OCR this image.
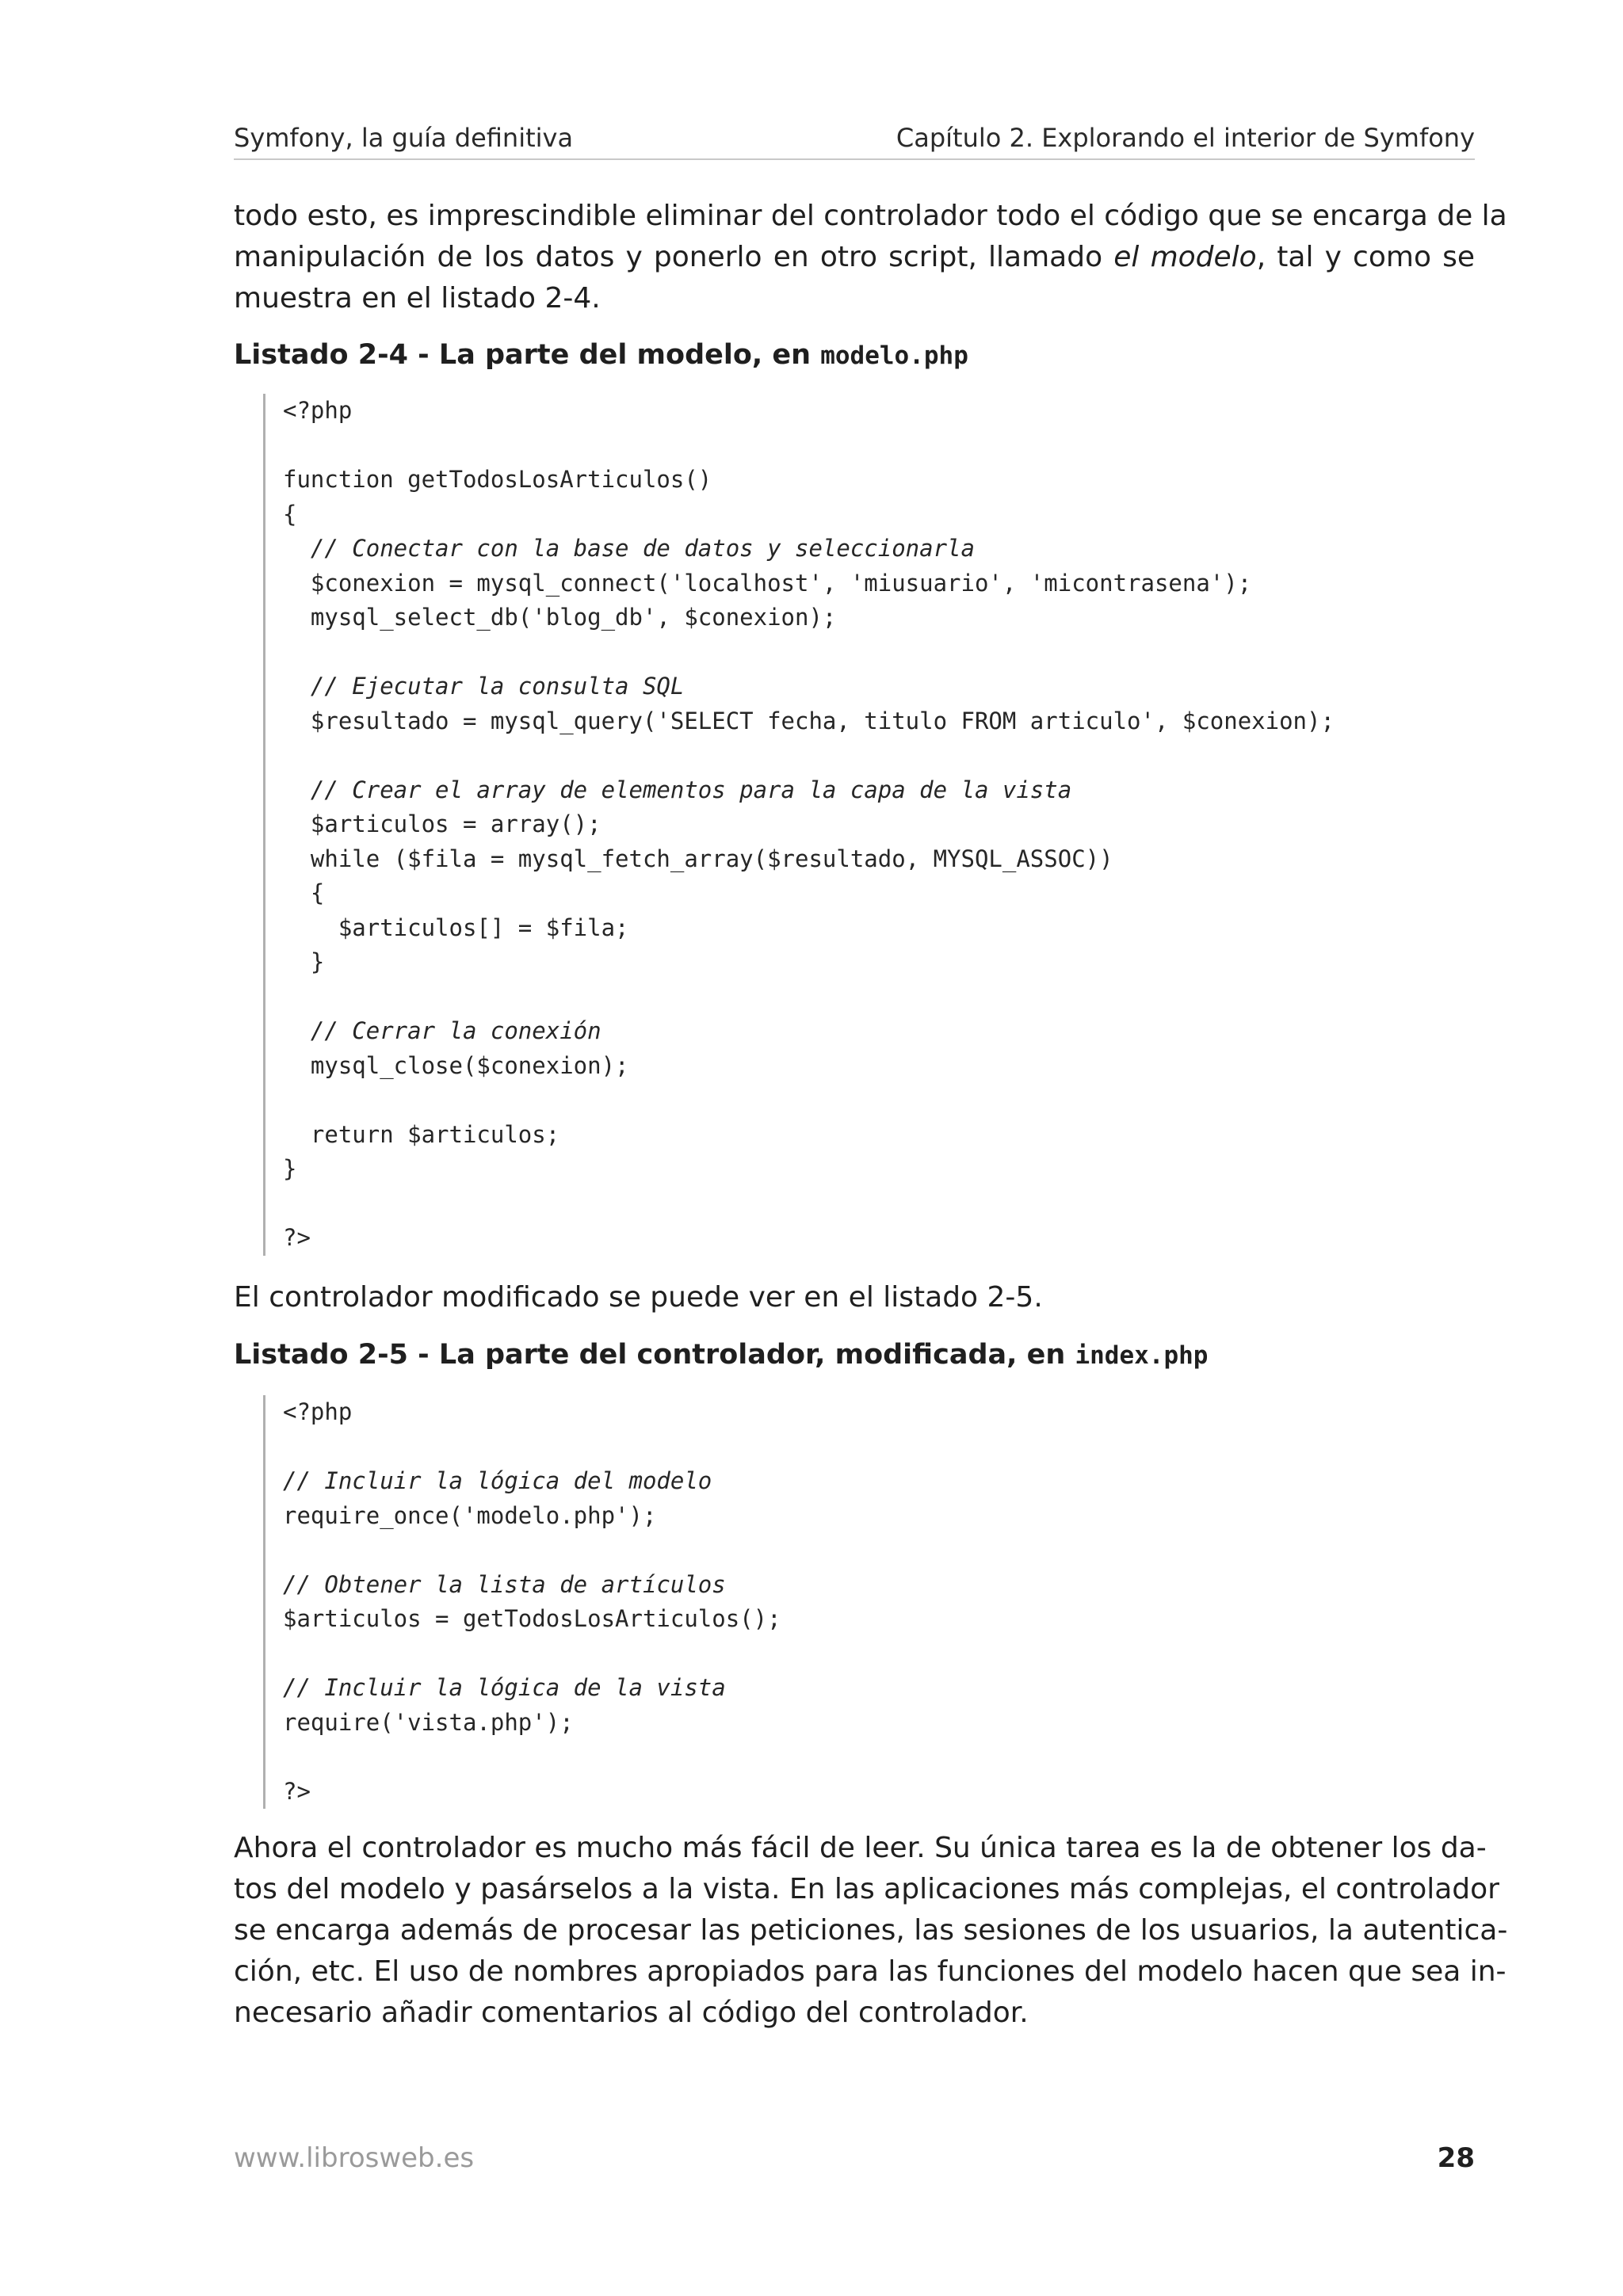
Symfony, la guía definitiva	Capítulo 2. Explorando el interior de Symfony
todo esto, es imprescindible eliminar del controlador todo el código que se encarga de la
manipulación de los datos y ponerlo en otro script, llamado el modelo, tal y como se
muestra en el listado 2-4.
Listado 2-4 - La parte del modelo, en modelo.php
<?php

function getTodosLosArticulos()
{
// Conectar con la base de datos y seleccionarla
$conexion = mysql_connect('localhost', 'miusuario', 'micontrasena');
mysql_select_db('blog_db', $conexion);

// Ejecutar la consulta SQL
$resultado = mysql_query('SELECT fecha, titulo FROM articulo', $conexion);

// Crear el array de elementos para la capa de la vista
$articulos = array();
while ($fila = mysql_fetch_array($resultado, MYSQL_ASSOC))
{
$articulos[] = $fila;
}

// Cerrar la conexión
mysql_close($conexion);

return $articulos;
}

?>
El controlador modificado se puede ver en el listado 2-5.
Listado 2-5 - La parte del controlador, modificada, en index.php
<?php

// Incluir la lógica del modelo
require_once('modelo.php');

// Obtener la lista de artículos
$articulos = getTodosLosArticulos();

// Incluir la lógica de la vista
require('vista.php');

?>
Ahora el controlador es mucho más fácil de leer. Su única tarea es la de obtener los da-
tos del modelo y pasárselos a la vista. En las aplicaciones más complejas, el controlador
se encarga además de procesar las peticiones, las sesiones de los usuarios, la autentica-
ción, etc. El uso de nombres apropiados para las funciones del modelo hacen que sea in-
necesario añadir comentarios al código del controlador.
www.librosweb.es	28
